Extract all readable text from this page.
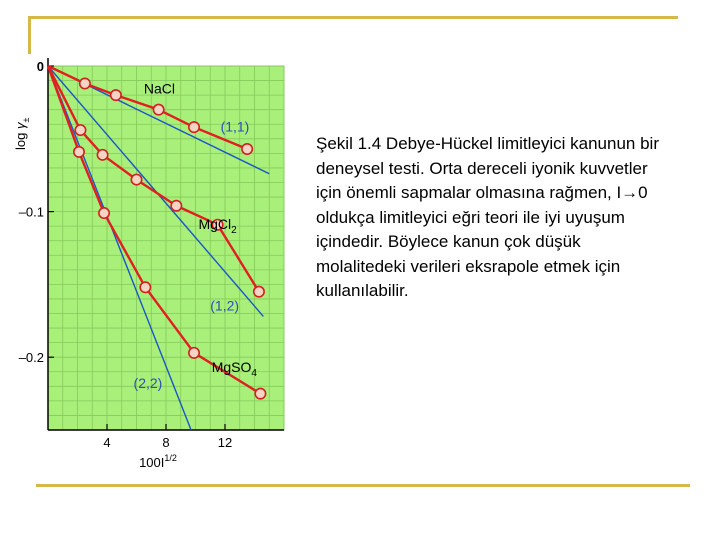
4	8	12
0
–0.1
–0.2
$100I^{1/2}$
$\log \gamma_\pm$	(1,1)
(1,2)
(2,2)
NaCl
MgCl$_2$
MgSO$_4$
Şekil 1.4 Debye-Hückel limitleyici kanunun bir deneysel testi. Orta dereceli iyonik kuvvetler için önemli sapmalar olmasına rağmen, I→0 oldukça limitleyici eğri teori ile iyi uyuşum içindedir. Böylece kanun çok düşük molalitedeki verileri eksrapole etmek için kullanılabilir.
